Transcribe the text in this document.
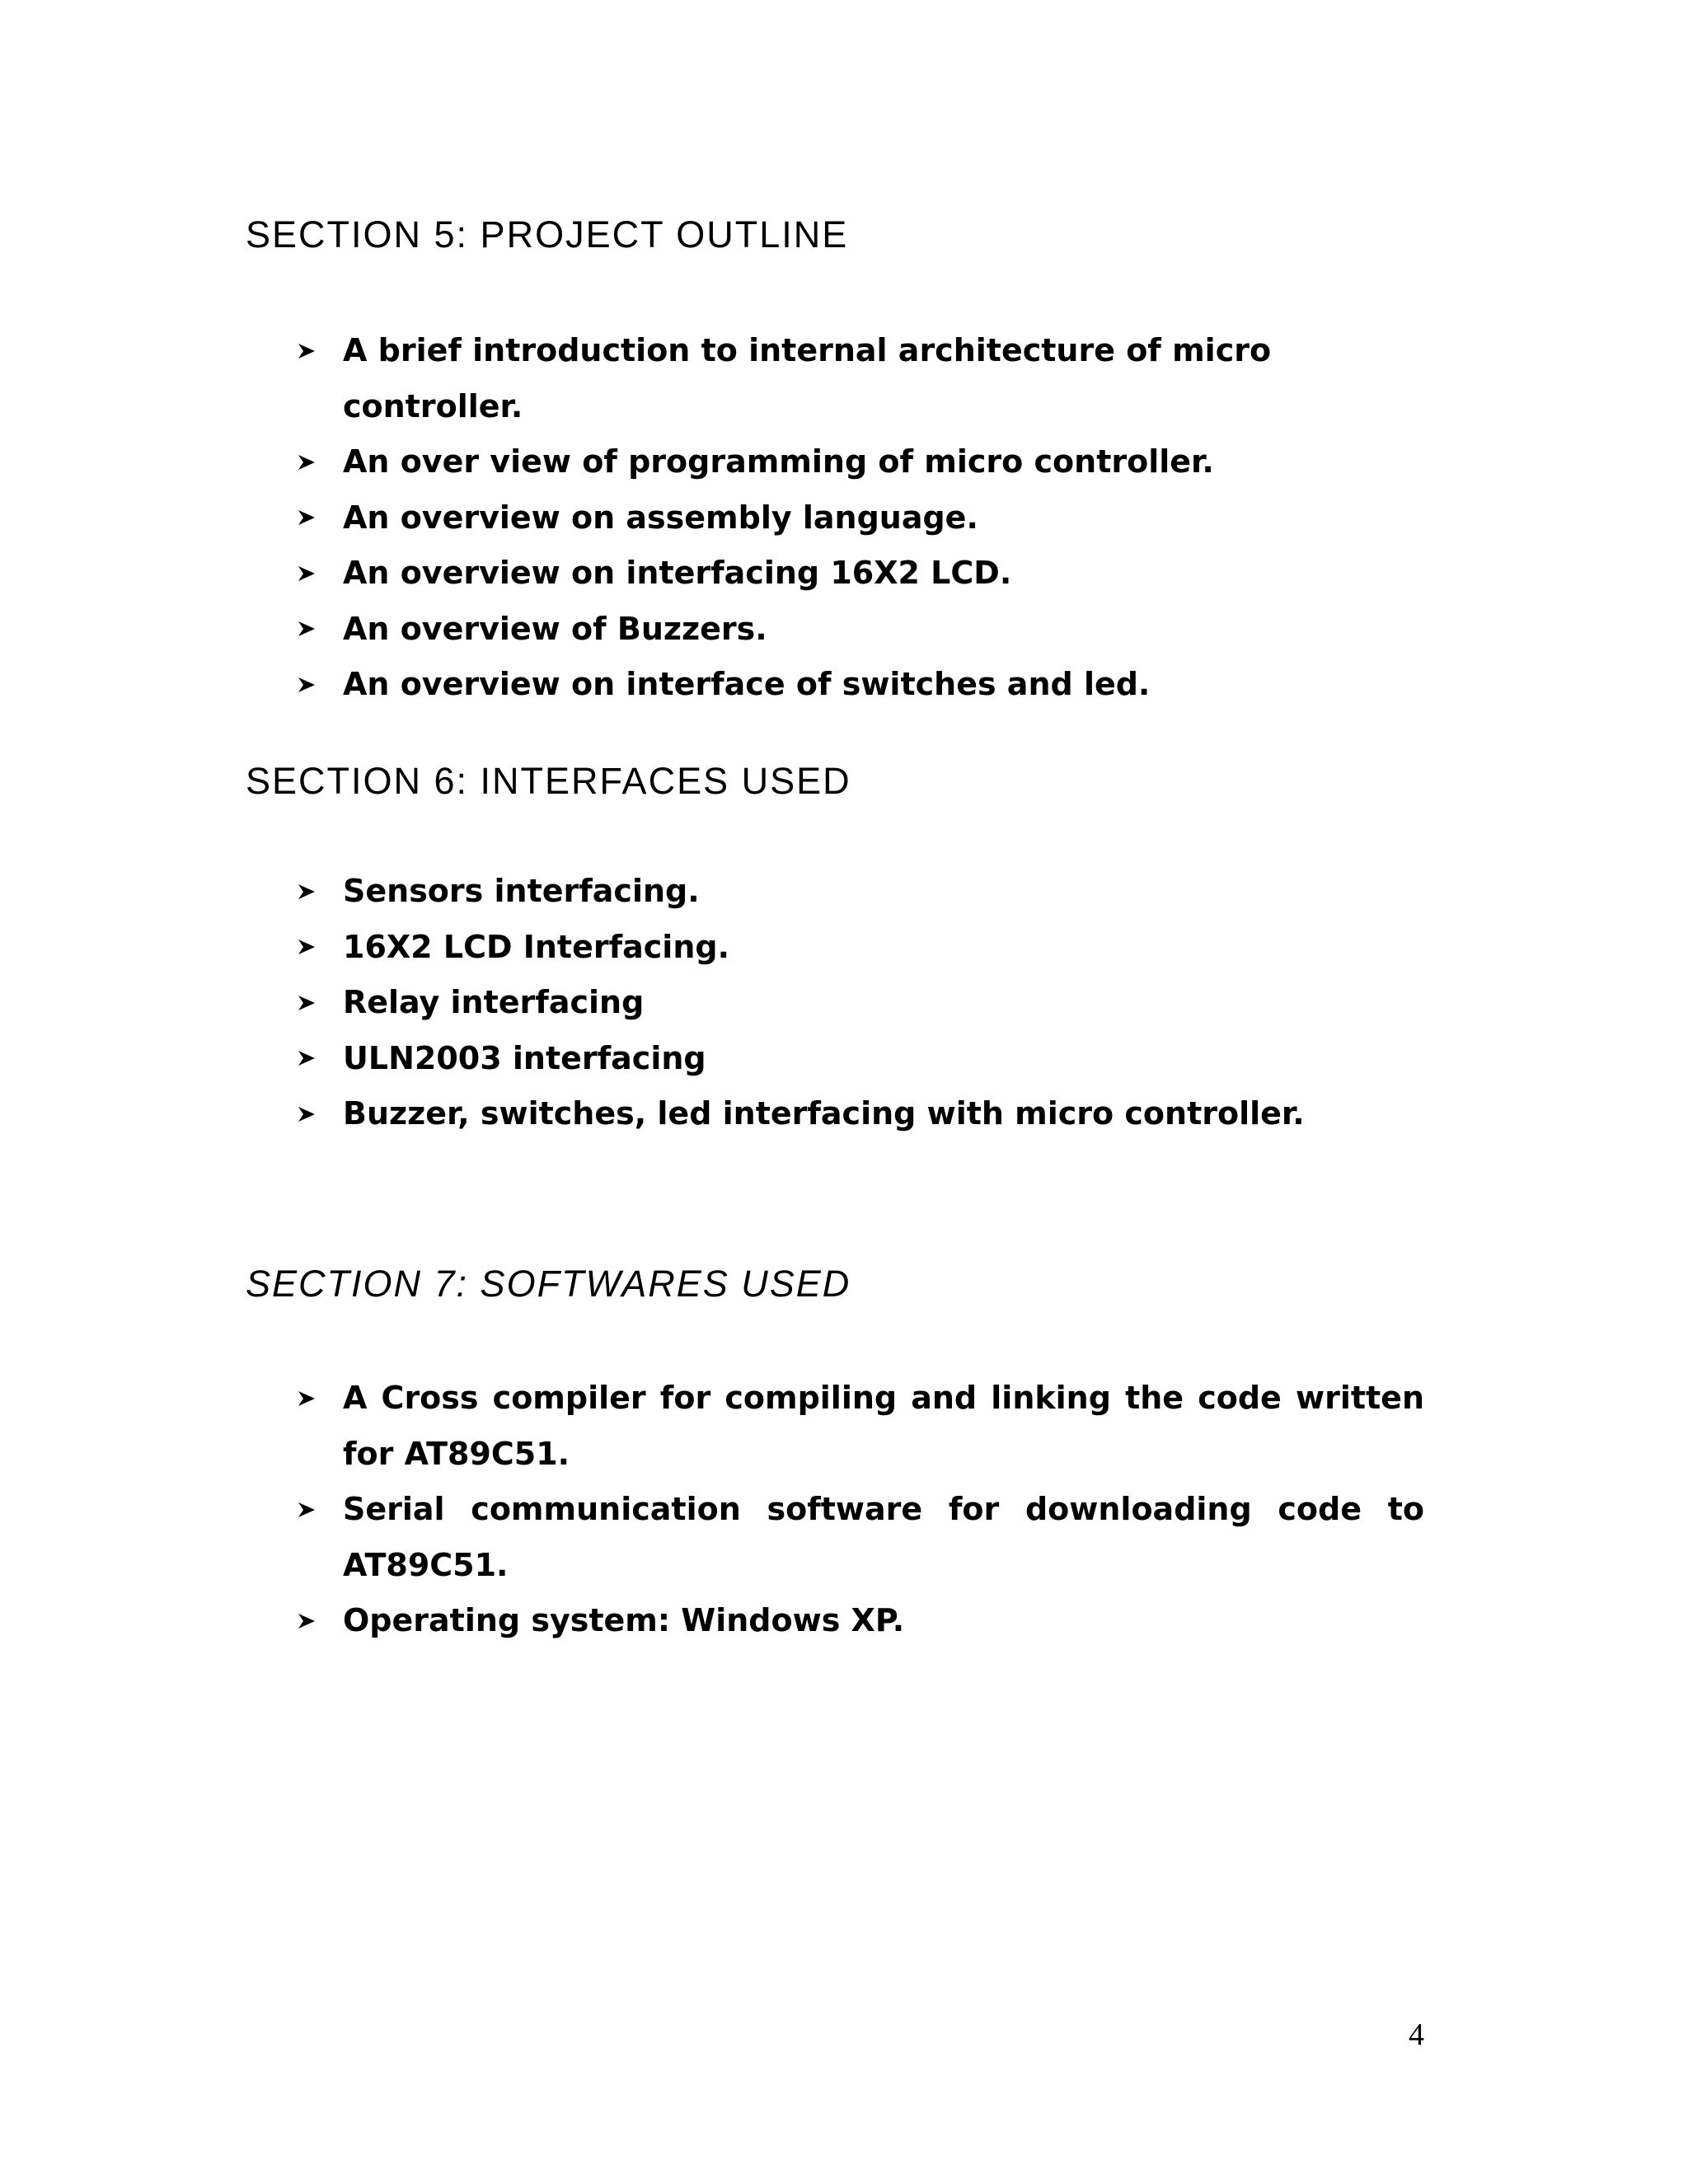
SECTION 5: PROJECT OUTLINE
A brief introduction to internal architecture of micro controller.
An over view of programming of micro controller.
An overview on assembly language.
An overview on interfacing 16X2 LCD.
An overview of Buzzers.
An overview on interface of switches and led.
SECTION 6: INTERFACES USED
Sensors interfacing.
16X2 LCD Interfacing.
Relay interfacing
ULN2003 interfacing
Buzzer, switches, led interfacing with micro controller.
SECTION 7: SOFTWARES USED
A Cross compiler for compiling and linking the code written for AT89C51.
Serial communication software for downloading code to AT89C51.
Operating system: Windows XP.
4
